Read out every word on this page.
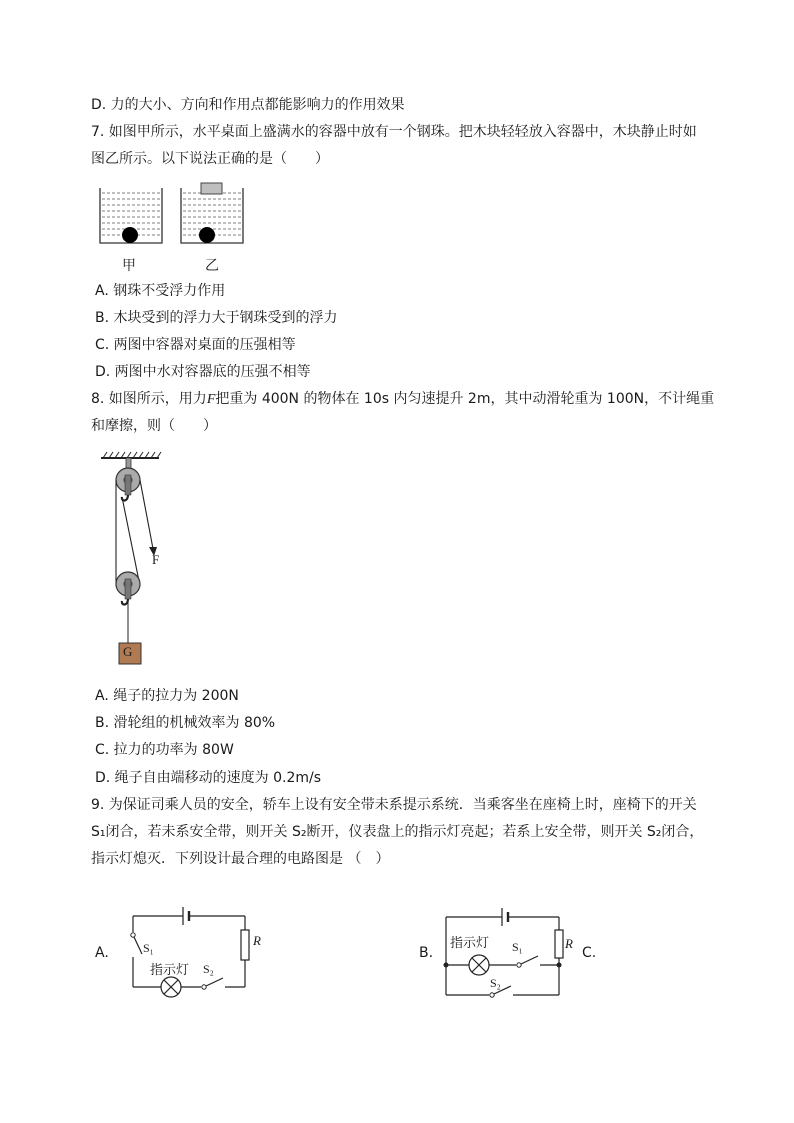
D. 力的大小、方向和作用点都能影响力的作用效果
7. 如图甲所示，水平桌面上盛满水的容器中放有一个钢珠。把木块轻轻放入容器中，木块静止时如
图乙所示。以下说法正确的是（　　）
甲	乙
A. 钢珠不受浮力作用
B. 木块受到的浮力大于钢珠受到的浮力
C. 两图中容器对桌面的压强相等
D. 两图中水对容器底的压强不相等
8. 如图所示，用力F把重为 400N 的物体在 10s 内匀速提升 2m，其中动滑轮重为 100N，不计绳重
和摩擦，则（　　）
F
G
A. 绳子的拉力为 200N
B. 滑轮组的机械效率为 80%
C. 拉力的功率为 80W
D. 绳子自由端移动的速度为 0.2m/s
9. 为保证司乘人员的安全，轿车上设有安全带未系提示系统．当乘客坐在座椅上时，座椅下的开关
S₁闭合，若未系安全带，则开关 S₂断开，仪表盘上的指示灯亮起；若系上安全带，则开关 S₂闭合，
指示灯熄灭．下列设计最合理的电路图是 （　）
A.	S₁
指示灯 S₂
R
B.
指示灯 S₁
S₂
R
C.
